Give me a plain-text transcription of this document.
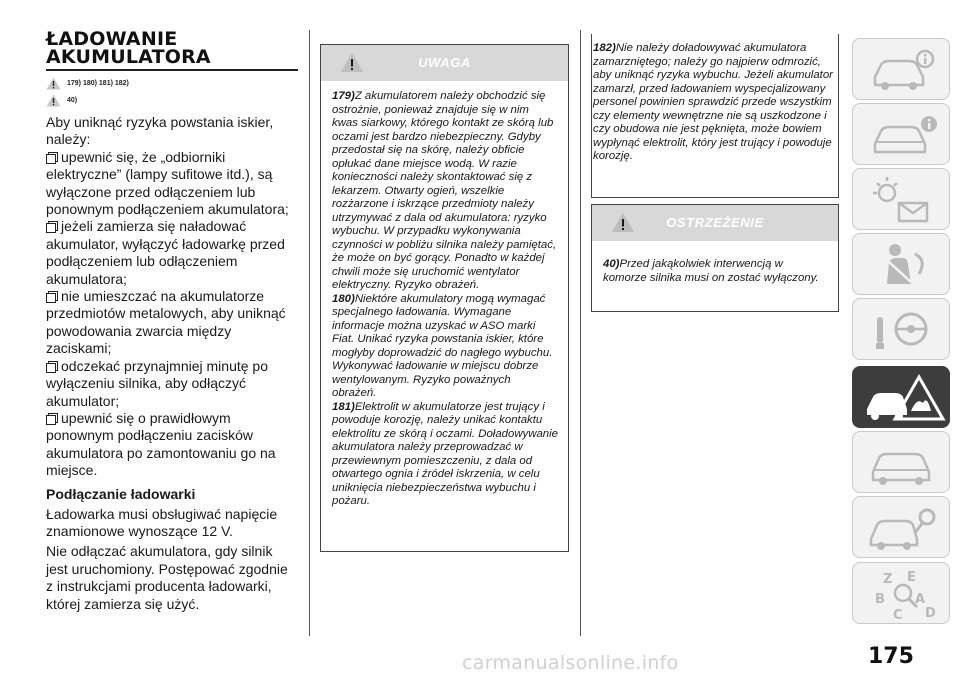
ŁADOWANIE
AKUMULATORA
179) 180) 181) 182)
40)
Aby uniknąć ryzyka powstania iskier, należy:
upewnić się, że „odbiorniki elektryczne” (lampy sufitowe itd.), są wyłączone przed odłączeniem lub ponownym podłączeniem akumulatora;
jeżeli zamierza się naładować akumulator, wyłączyć ładowarkę przed podłączeniem lub odłączeniem akumulatora;
nie umieszczać na akumulatorze przedmiotów metalowych, aby uniknąć powodowania zwarcia między zaciskami;
odczekać przynajmniej minutę po wyłączeniu silnika, aby odłączyć akumulator;
upewnić się o prawidłowym ponownym podłączeniu zacisków akumulatora po zamontowaniu go na miejsce.
Podłączanie ładowarki
Ładowarka musi obsługiwać napięcie znamionowe wynoszące 12 V.
Nie odłączać akumulatora, gdy silnik jest uruchomiony. Postępować zgodnie z instrukcjami producenta ładowarki, której zamierza się użyć.
UWAGA
179)Z akumulatorem należy obchodzić się ostrożnie, ponieważ znajduje się w nim kwas siarkowy, którego kontakt ze skórą lub oczami jest bardzo niebezpieczny. Gdyby przedostał się na skórę, należy obficie opłukać dane miejsce wodą. W razie konieczności należy skontaktować się z lekarzem. Otwarty ogień, wszelkie rozżarzone i iskrzące przedmioty należy utrzymywać z dala od akumulatora: ryzyko wybuchu. W przypadku wykonywania czynności w pobliżu silnika należy pamiętać, że może on być gorący. Ponadto w każdej chwili może się uruchomić wentylator elektryczny. Ryzyko obrażeń.
180)Niektóre akumulatory mogą wymagać specjalnego ładowania. Wymagane informacje można uzyskać w ASO marki Fiat. Unikać ryzyka powstania iskier, które mogłyby doprowadzić do nagłego wybuchu. Wykonywać ładowanie w miejscu dobrze wentylowanym. Ryzyko poważnych obrażeń.
181)Elektrolit w akumulatorze jest trujący i powoduje korozję, należy unikać kontaktu elektrolitu ze skórą i oczami. Doładowywanie akumulatora należy przeprowadzać w przewiewnym pomieszczeniu, z dala od otwartego ognia i źródeł iskrzenia, w celu uniknięcia niebezpieczeństwa wybuchu i pożaru.
182)Nie należy doładowywać akumulatora zamarzniętego; należy go najpierw odmrozić, aby uniknąć ryzyka wybuchu. Jeżeli akumulator zamarzł, przed ładowaniem wyspecjalizowany personel powinien sprawdzić przede wszystkim czy elementy wewnętrzne nie są uszkodzone i czy obudowa nie jest pęknięta, może bowiem wypłynąć elektrolit, który jest trujący i powoduje korozję.
OSTRZEŻENIE
40)Przed jakąkolwiek interwencją w komorze silnika musi on zostać wyłączony.
Z E
B A
C D
175
carmanualsonline.info
